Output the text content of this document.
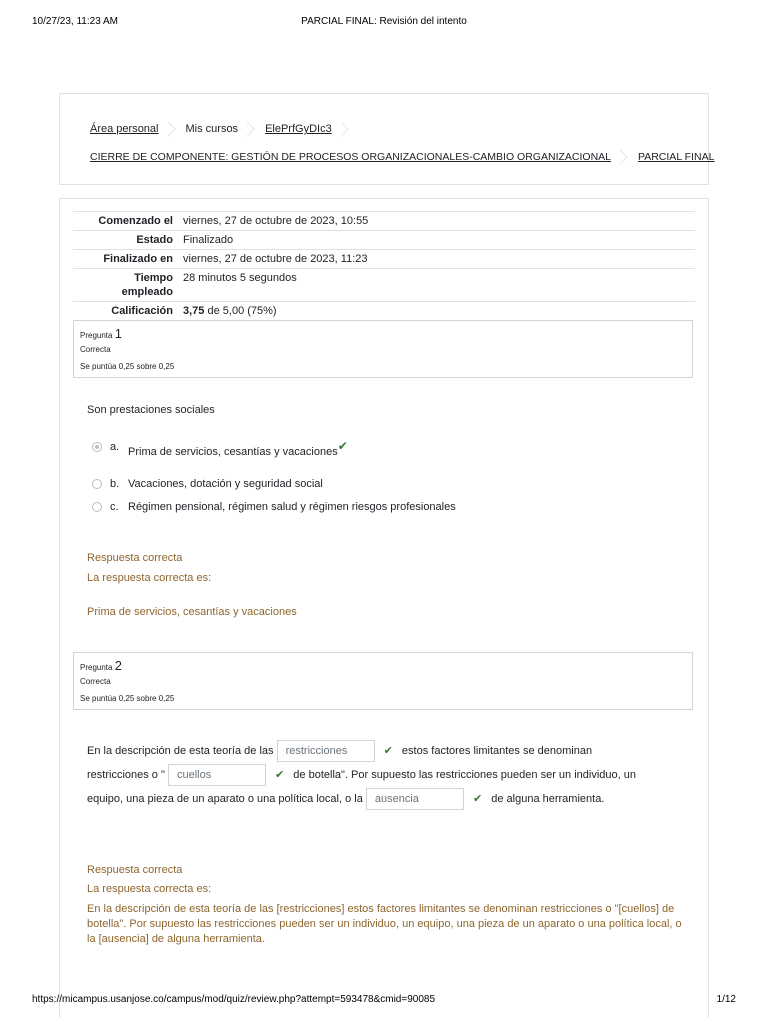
10/27/23, 11:23 AM	PARCIAL FINAL: Revisión del intento
Área personal Mis cursos ElePrfGyDIc3
CIERRE DE COMPONENTE: GESTIÓN DE PROCESOS ORGANIZACIONALES-CAMBIO ORGANIZACIONAL	PARCIAL FINAL
Comenzado el	viernes, 27 de octubre de 2023, 10:55
Estado	Finalizado
Finalizado en	viernes, 27 de octubre de 2023, 11:23
Tiempo
empleado	28 minutos 5 segundos
Calificación	3,75 de 5,00 (75%)
Pregunta 1
Correcta
Se puntúa 0,25 sobre 0,25
Son prestaciones sociales
a. Prima de servicios, cesantías y vacaciones ✔
b. Vacaciones, dotación y seguridad social
c. Régimen pensional, régimen salud y régimen riesgos profesionales
Respuesta correcta
La respuesta correcta es:
Prima de servicios, cesantías y vacaciones
Pregunta 2
Correcta
Se puntúa 0,25 sobre 0,25
En la descripción de esta teoría de las restricciones	✔ estos factores limitantes se denominan
restricciones o " cuellos	✔ de botella". Por supuesto las restricciones pueden ser un individuo, un
equipo, una pieza de un aparato o una política local, o la ausencia	✔ de alguna herramienta.
Respuesta correcta
La respuesta correcta es:
En la descripción de esta teoría de las [restricciones] estos factores limitantes se denominan restricciones o "[cuellos] de botella". Por supuesto las restricciones pueden ser un individuo, un equipo, una pieza de un aparato o una política local, o la [ausencia] de alguna herramienta.
https://micampus.usanjose.co/campus/mod/quiz/review.php?attempt=593478&cmid=90085	1/12
